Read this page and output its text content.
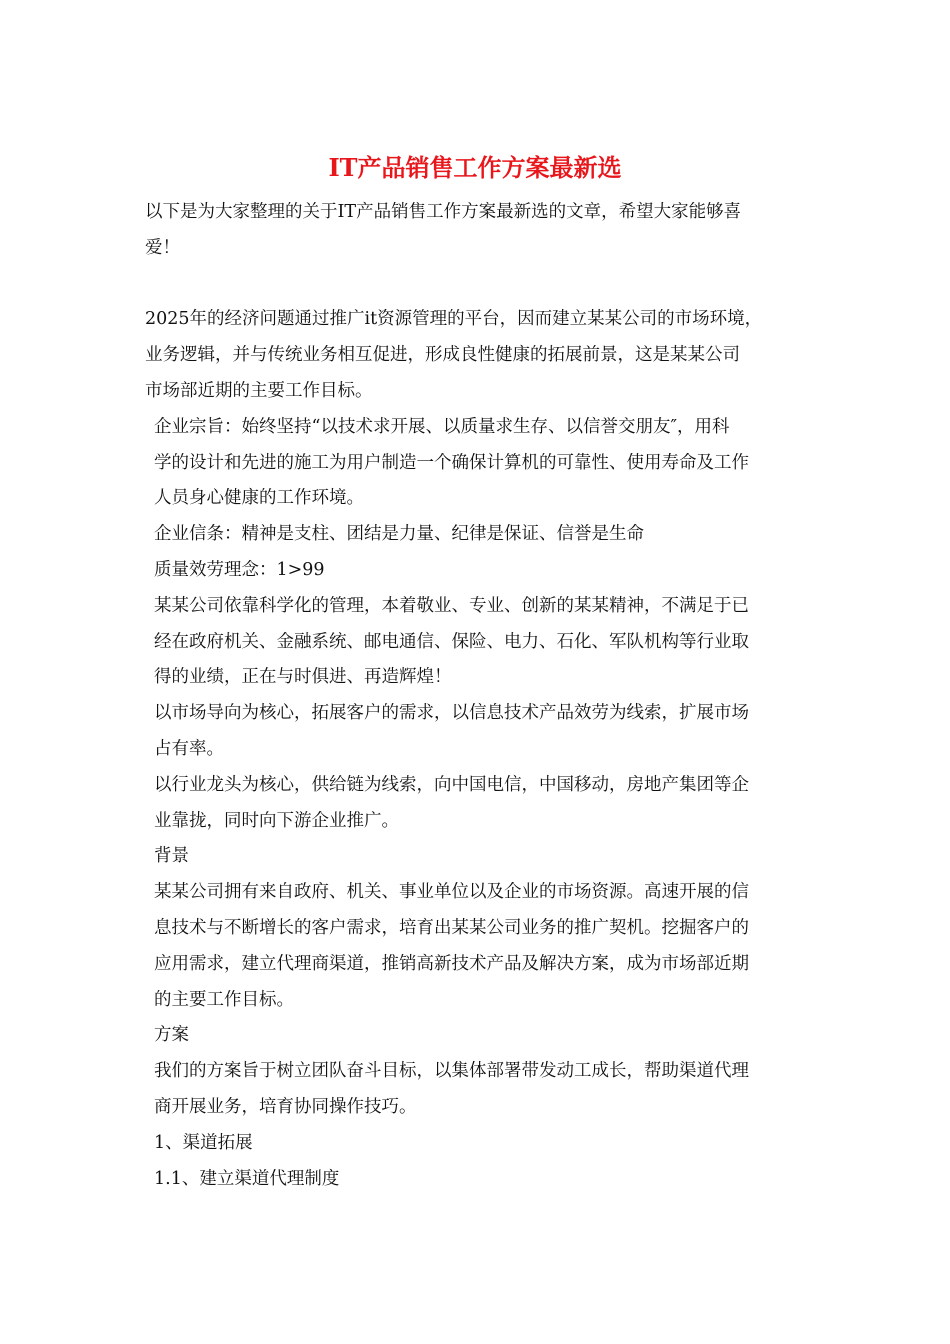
IT产品销售工作方案最新选
以下是为大家整理的关于IT产品销售工作方案最新选的文章，希望大家能够喜
爱！
2025年的经济问题通过推广it资源管理的平台，因而建立某某公司的市场环境，
业务逻辑，并与传统业务相互促进，形成良性健康的拓展前景，这是某某公司
市场部近期的主要工作目标。
企业宗旨：始终坚持“以技术求开展、以质量求生存、以信誉交朋友″，用科
学的设计和先进的施工为用户制造一个确保计算机的可靠性、使用寿命及工作
人员身心健康的工作环境。
企业信条：精神是支柱、团结是力量、纪律是保证、信誉是生命
质量效劳理念：1>99
某某公司依靠科学化的管理，本着敬业、专业、创新的某某精神，不满足于已
经在政府机关、金融系统、邮电通信、保险、电力、石化、军队机构等行业取
得的业绩，正在与时俱进、再造辉煌！
以市场导向为核心，拓展客户的需求，以信息技术产品效劳为线索，扩展市场
占有率。
以行业龙头为核心，供给链为线索，向中国电信，中国移动，房地产集团等企
业靠拢，同时向下游企业推广。
背景
某某公司拥有来自政府、机关、事业单位以及企业的市场资源。高速开展的信
息技术与不断增长的客户需求，培育出某某公司业务的推广契机。挖掘客户的
应用需求，建立代理商渠道，推销高新技术产品及解决方案，成为市场部近期
的主要工作目标。
方案
我们的方案旨于树立团队奋斗目标，以集体部署带发动工成长，帮助渠道代理
商开展业务，培育协同操作技巧。
1、渠道拓展
1.1、建立渠道代理制度
